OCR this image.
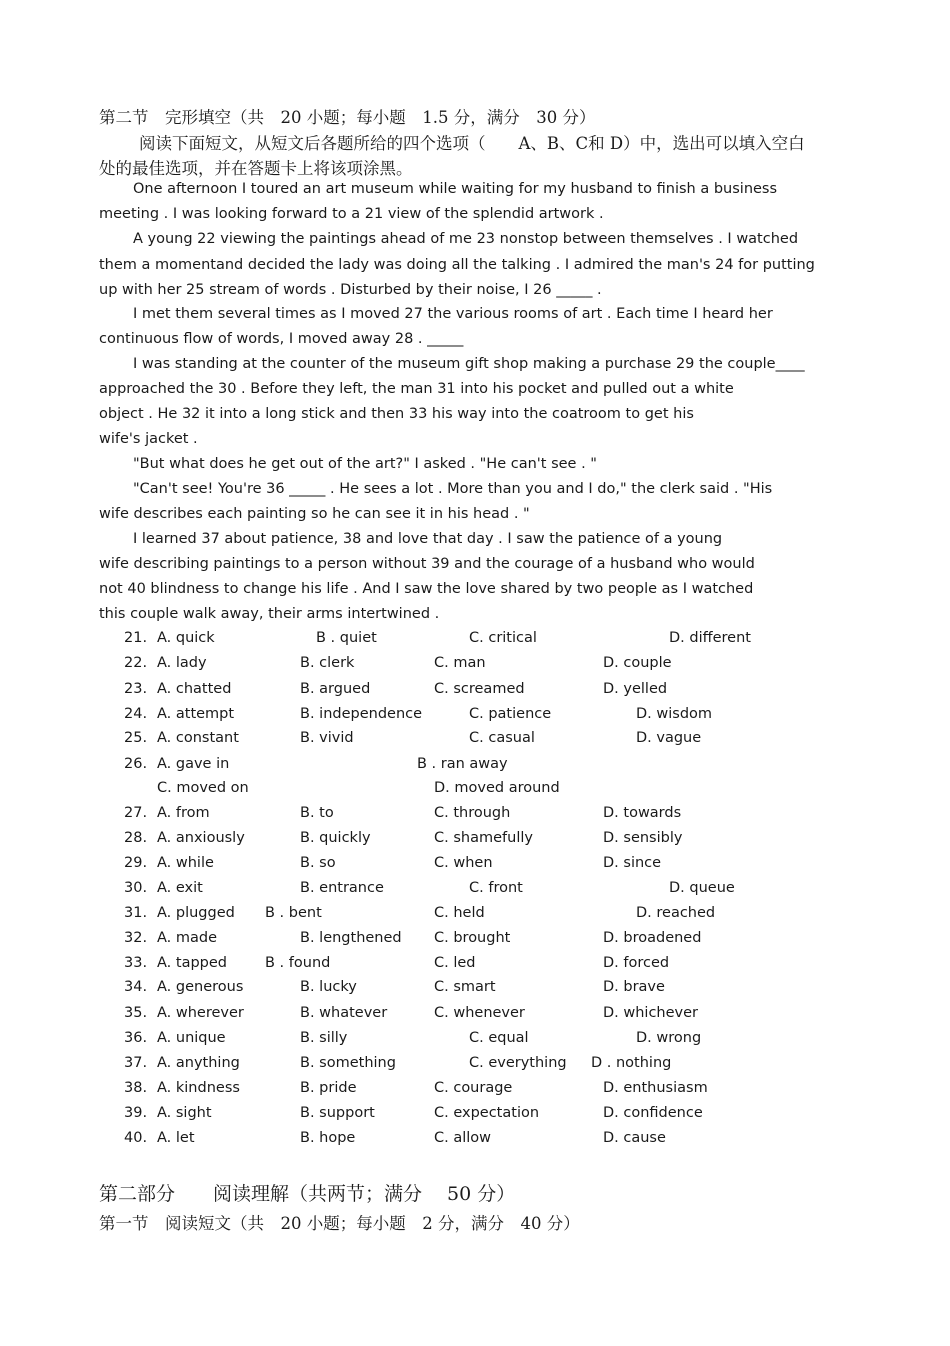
第二节　完形填空（共　20 小题；每小题　1.5 分，满分　30 分）
阅读下面短文，从短文后各题所给的四个选项（　　A、B、C和 D）中，选出可以填入空白
处的最佳选项，并在答题卡上将该项涂黑。
One afternoon I toured an art museum while waiting for my husband to finish a business
meeting . I was looking forward to a 21 view of the splendid artwork .
A young 22 viewing the paintings ahead of me 23 nonstop between themselves . I watched
them a momentand decided the lady was doing all the talking . I admired the man's 24 for putting
up with her 25 stream of words . Disturbed by their noise, I 26 _____ .
I met them several times as I moved 27 the various rooms of art . Each time I heard her
continuous flow of words, I moved away 28 . _____
I was standing at the counter of the museum gift shop making a purchase 29 the couple____
approached the 30 . Before they left, the man 31 into his pocket and pulled out a white
object . He 32 it into a long stick and then 33 his way into the coatroom to get his
wife's jacket .
"But what does he get out of the art?" I asked . "He can't see . "
"Can't see! You're 36 _____ . He sees a lot . More than you and I do," the clerk said . "His
wife describes each painting so he can see it in his head . "
I learned 37 about patience, 38 and love that day . I saw the patience of a young
wife describing paintings to a person without 39 and the courage of a husband who would
not 40 blindness to change his life . And I saw the love shared by two people as I watched
this couple walk away, their arms intertwined .
21. A. quick	B . quiet	C. critical	D. different
22. A. lady	B. clerk	C. man	D. couple
23. A. chatted	B. argued	C. screamed	D. yelled
24. A. attempt	B. independence	C. patience	D. wisdom
25. A. constant	B. vivid	C. casual	D. vague
26. A. gave in	B . ran away
C. moved on	D. moved around
27. A. from	B. to	C. through	D. towards
28. A. anxiously	B. quickly	C. shamefully	D. sensibly
29. A. while	B. so	C. when	D. since
30. A. exit	B. entrance	C. front	D. queue
31. A. plugged B . bent	C. held	D. reached
32. A. made	B. lengthened C. brought	D. broadened
33. A. tapped	B . found	C. led	D. forced
34. A. generous	B. lucky	C. smart	D. brave
35. A. wherever	B. whatever	C. whenever	D. whichever
36. A. unique	B. silly	C. equal	D. wrong
37. A. anything	B. something	C. everything D . nothing
38. A. kindness	B. pride	C. courage	D. enthusiasm
39. A. sight	B. support	C. expectation	D. confidence
40. A. let	B. hope	C. allow	D. cause
第二部分　　阅读理解（共两节；满分　 50 分）
第一节　阅读短文（共　20 小题；每小题　2 分，满分　40 分）
